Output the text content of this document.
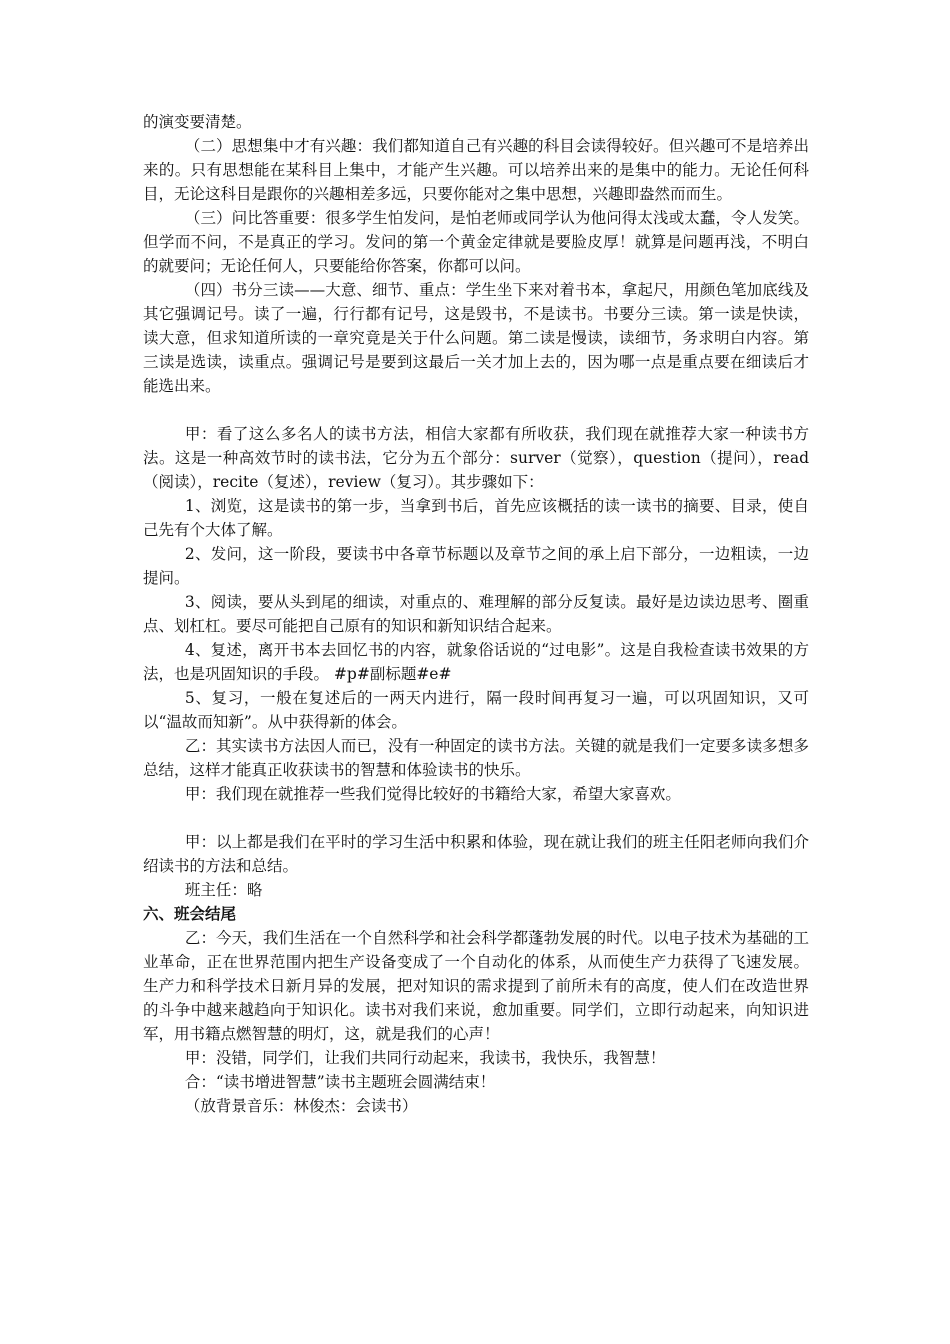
的演变要清楚。

（二）思想集中才有兴趣：我们都知道自己有兴趣的科目会读得较好。但兴趣可不是培养出来的。只有思想能在某科目上集中，才能产生兴趣。可以培养出来的是集中的能力。无论任何科目，无论这科目是跟你的兴趣相差多远，只要你能对之集中思想，兴趣即盎然而而生。

（三）问比答重要：很多学生怕发问，是怕老师或同学认为他问得太浅或太蠢，令人发笑。但学而不问，不是真正的学习。发问的第一个黄金定律就是要脸皮厚！就算是问题再浅，不明白的就要问；无论任何人，只要能给你答案，你都可以问。

（四）书分三读——大意、细节、重点：学生坐下来对着书本，拿起尺，用颜色笔加底线及其它强调记号。读了一遍，行行都有记号，这是毁书，不是读书。书要分三读。第一读是快读，读大意，但求知道所读的一章究竟是关于什么问题。第二读是慢读，读细节，务求明白内容。第三读是选读，读重点。强调记号是要到这最后一关才加上去的，因为哪一点是重点要在细读后才能选出来。

甲：看了这么多名人的读书方法，相信大家都有所收获，我们现在就推荐大家一种读书方法。这是一种高效节时的读书法，它分为五个部分：surver（觉察），question（提问），read（阅读），recite（复述），review（复习）。其步骤如下：

1、浏览，这是读书的第一步，当拿到书后，首先应该概括的读一读书的摘要、目录，使自己先有个大体了解。

2、发问，这一阶段，要读书中各章节标题以及章节之间的承上启下部分，一边粗读，一边提问。

3、阅读，要从头到尾的细读，对重点的、难理解的部分反复读。最好是边读边思考、圈重点、划杠杠。要尽可能把自己原有的知识和新知识结合起来。

4、复述，离开书本去回忆书的内容，就象俗话说的“过电影”。这是自我检查读书效果的方法，也是巩固知识的手段。 #p#副标题#e#

5、复习，一般在复述后的一两天内进行，隔一段时间再复习一遍，可以巩固知识，又可以“温故而知新”。从中获得新的体会。

乙：其实读书方法因人而已，没有一种固定的读书方法。关键的就是我们一定要多读多想多总结，这样才能真正收获读书的智慧和体验读书的快乐。

甲：我们现在就推荐一些我们觉得比较好的书籍给大家，希望大家喜欢。

甲：以上都是我们在平时的学习生活中积累和体验，现在就让我们的班主任阳老师向我们介绍读书的方法和总结。

班主任：略

六、班会结尾

乙：今天，我们生活在一个自然科学和社会科学都蓬勃发展的时代。以电子技术为基础的工业革命，正在世界范围内把生产设备变成了一个自动化的体系，从而使生产力获得了飞速发展。生产力和科学技术日新月异的发展，把对知识的需求提到了前所未有的高度，使人们在改造世界的斗争中越来越趋向于知识化。读书对我们来说，愈加重要。同学们，立即行动起来，向知识进军，用书籍点燃智慧的明灯，这，就是我们的心声！

甲：没错，同学们，让我们共同行动起来，我读书，我快乐，我智慧！

合：“读书增进智慧”读书主题班会圆满结束！

（放背景音乐：林俊杰：会读书）
